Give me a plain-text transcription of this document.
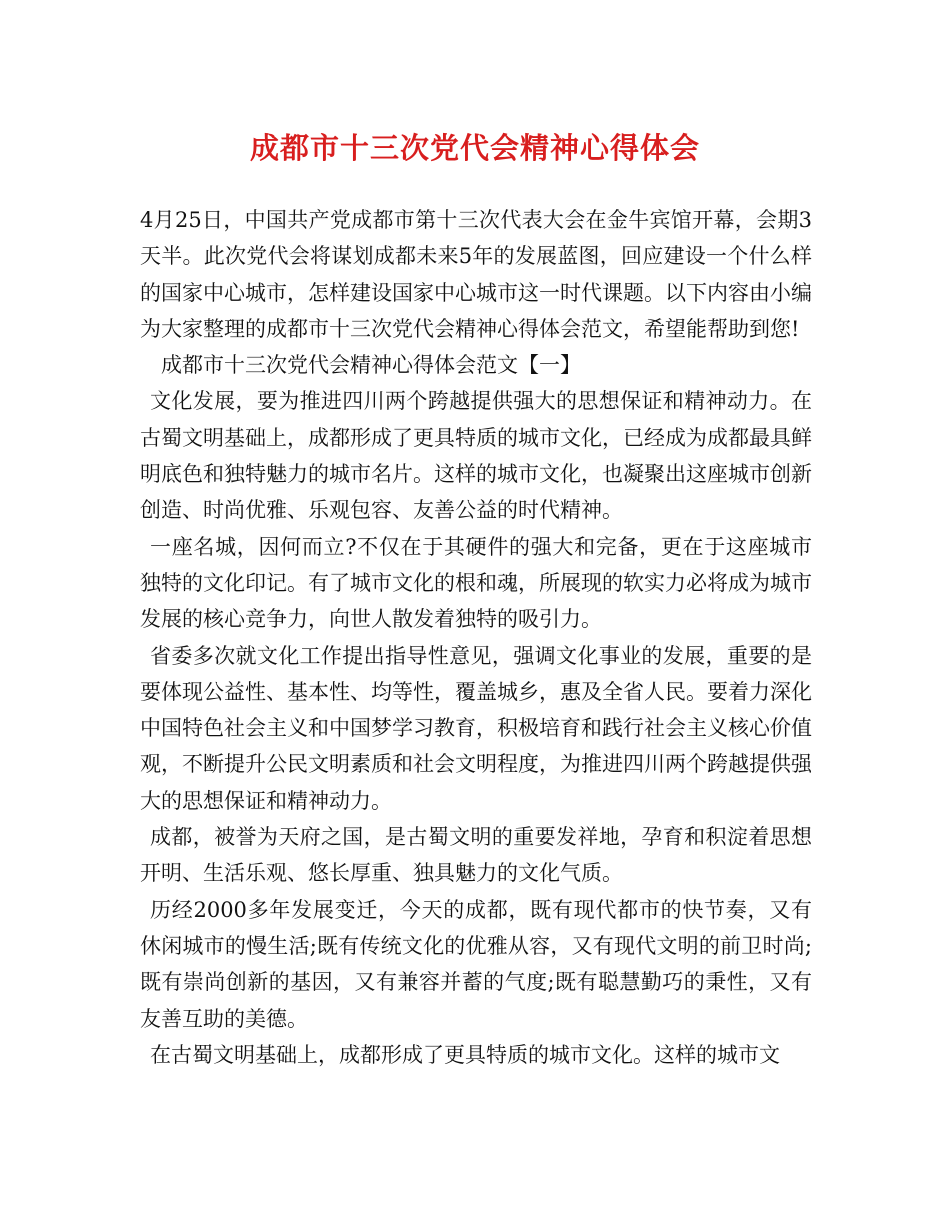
成都市十三次党代会精神心得体会

4月25日，中国共产党成都市第十三次代表大会在金牛宾馆开幕，会期3天半。此次党代会将谋划成都未来5年的发展蓝图，回应建设一个什么样的国家中心城市，怎样建设国家中心城市这一时代课题。以下内容由小编为大家整理的成都市十三次党代会精神心得体会范文，希望能帮助到您!

成都市十三次党代会精神心得体会范文【一】

文化发展，要为推进四川两个跨越提供强大的思想保证和精神动力。在古蜀文明基础上，成都形成了更具特质的城市文化，已经成为成都最具鲜明底色和独特魅力的城市名片。这样的城市文化，也凝聚出这座城市创新创造、时尚优雅、乐观包容、友善公益的时代精神。

一座名城，因何而立?不仅在于其硬件的强大和完备，更在于这座城市独特的文化印记。有了城市文化的根和魂，所展现的软实力必将成为城市发展的核心竞争力，向世人散发着独特的吸引力。

省委多次就文化工作提出指导性意见，强调文化事业的发展，重要的是要体现公益性、基本性、均等性，覆盖城乡，惠及全省人民。要着力深化中国特色社会主义和中国梦学习教育，积极培育和践行社会主义核心价值观，不断提升公民文明素质和社会文明程度，为推进四川两个跨越提供强大的思想保证和精神动力。

成都，被誉为天府之国，是古蜀文明的重要发祥地，孕育和积淀着思想开明、生活乐观、悠长厚重、独具魅力的文化气质。

历经2000多年发展变迁，今天的成都，既有现代都市的快节奏，又有休闲城市的慢生活;既有传统文化的优雅从容，又有现代文明的前卫时尚;既有崇尚创新的基因，又有兼容并蓄的气度;既有聪慧勤巧的秉性，又有友善互助的美德。

在古蜀文明基础上，成都形成了更具特质的城市文化。这样的城市文
